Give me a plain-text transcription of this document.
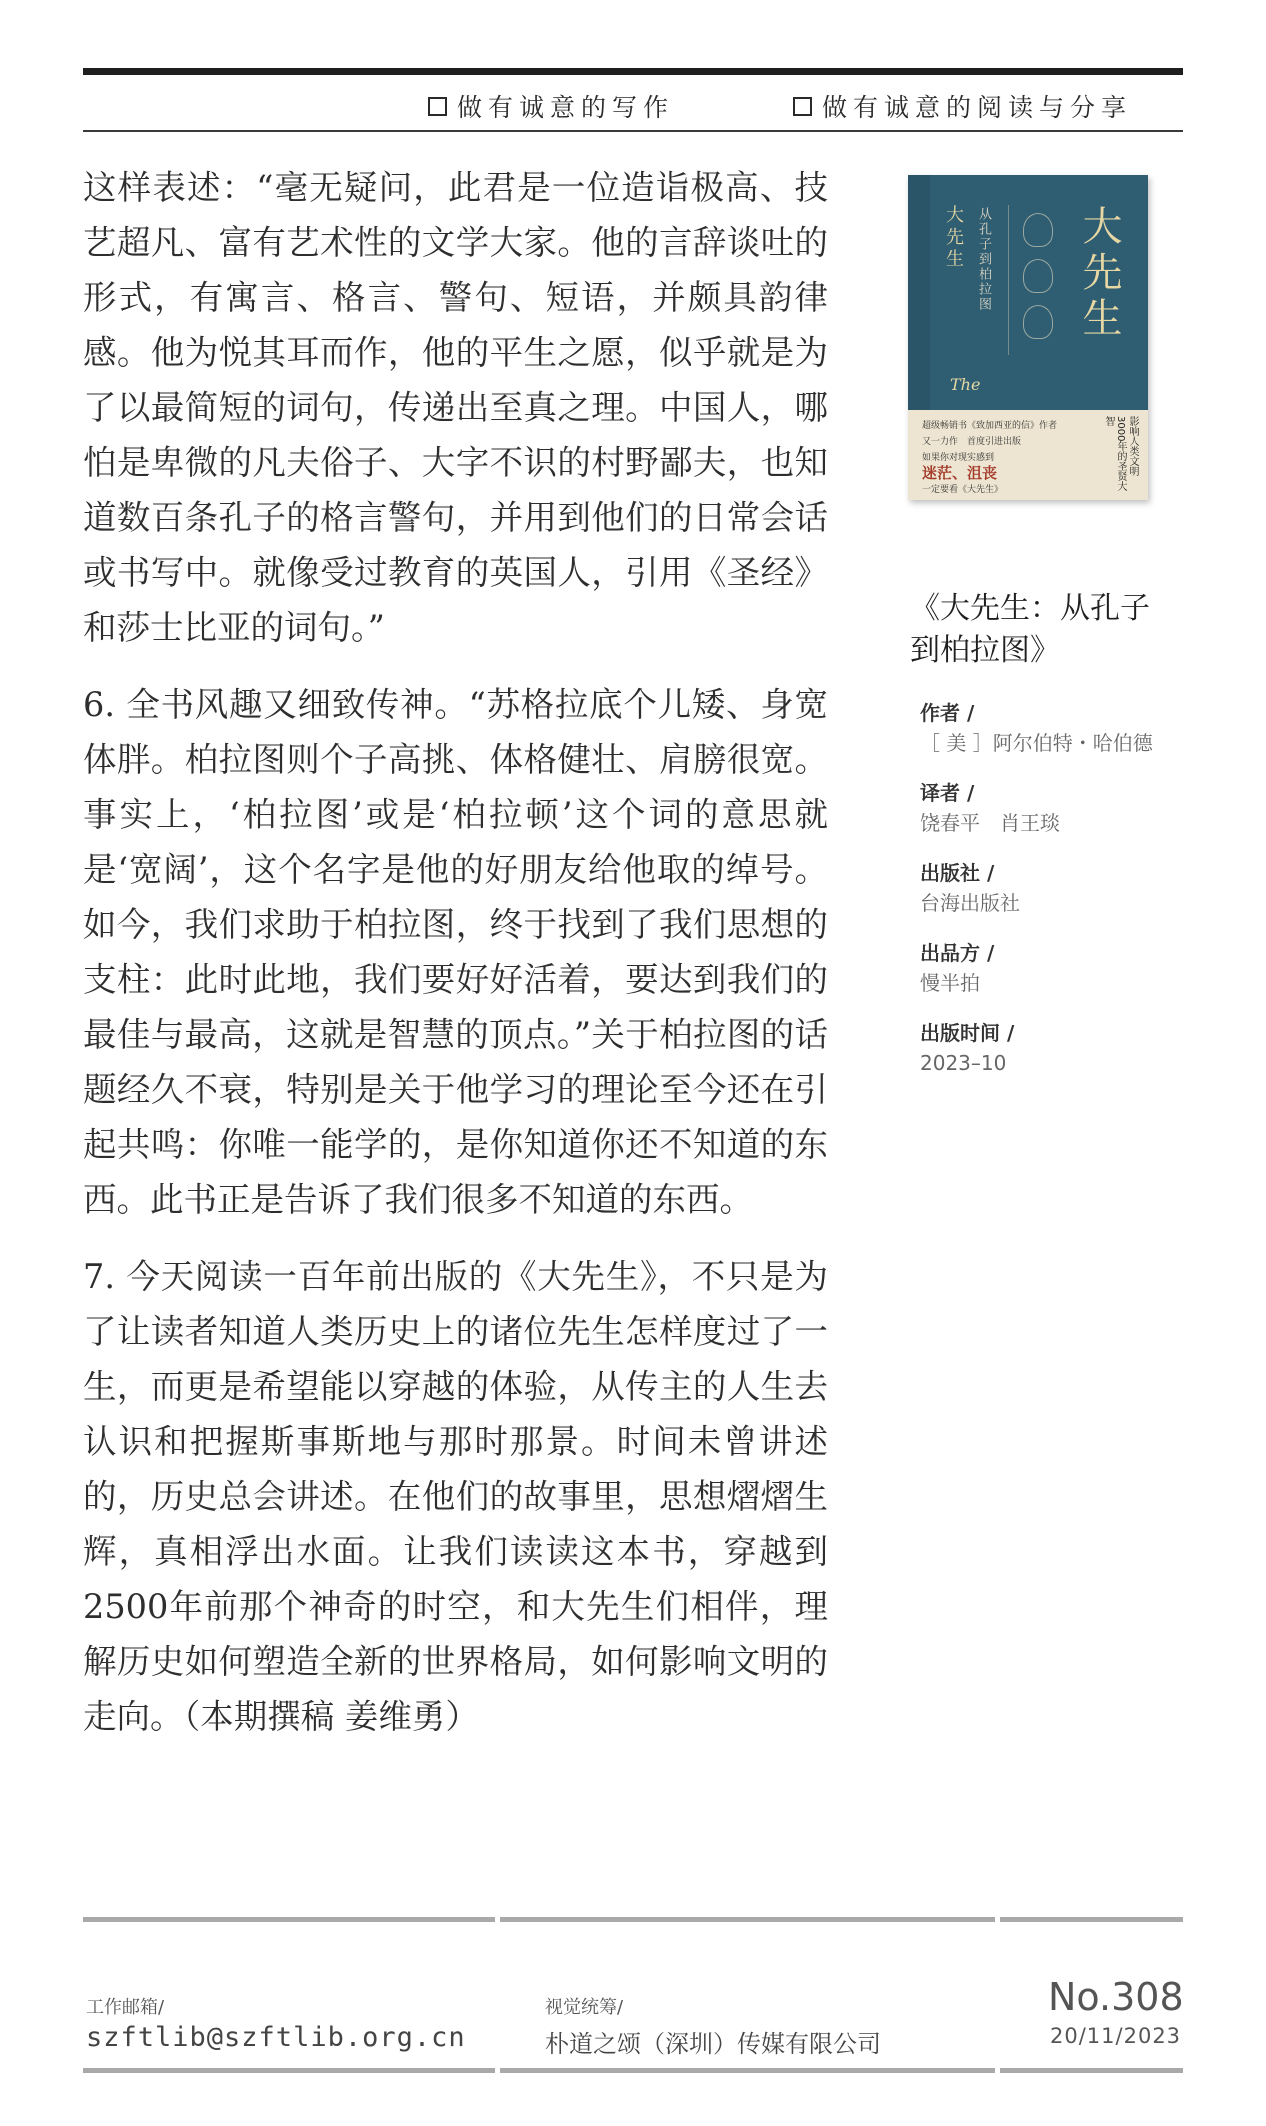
做有诚意的写作	做有诚意的阅读与分享

这样表述：“毫无疑问，此君是一位造诣极高、技艺超凡、富有艺术性的文学大家。他的言辞谈吐的形式，有寓言、格言、警句、短语，并颇具韵律感。他为悦其耳而作，他的平生之愿，似乎就是为了以最简短的词句，传递出至真之理。中国人，哪怕是卑微的凡夫俗子、大字不识的村野鄙夫，也知道数百条孔子的格言警句，并用到他们的日常会话或书写中。就像受过教育的英国人，引用《圣经》和莎士比亚的词句。”

6. 全书风趣又细致传神。“苏格拉底个儿矮、身宽体胖。柏拉图则个子高挑、体格健壮、肩膀很宽。事实上，‘柏拉图’或是‘柏拉顿’这个词的意思就是‘宽阔’，这个名字是他的好朋友给他取的绰号。如今，我们求助于柏拉图，终于找到了我们思想的支柱：此时此地，我们要好好活着，要达到我们的最佳与最高，这就是智慧的顶点。”关于柏拉图的话题经久不衰，特别是关于他学习的理论至今还在引起共鸣：你唯一能学的，是你知道你还不知道的东西。此书正是告诉了我们很多不知道的东西。

7. 今天阅读一百年前出版的《大先生》，不只是为了让读者知道人类历史上的诸位先生怎样度过了一生，而更是希望能以穿越的体验，从传主的人生去认识和把握斯事斯地与那时那景。时间未曾讲述的，历史总会讲述。在他们的故事里，思想熠熠生辉，真相浮出水面。让我们读读这本书，穿越到2500年前那个神奇的时空，和大先生们相伴，理解历史如何塑造全新的世界格局，如何影响文明的走向。（本期撰稿 姜维勇）

大先生 从孔子到柏拉图 大先生
The
超级畅销书《致加西亚的信》作者
又一力作　首度引进出版
如果你对现实感到
迷茫、沮丧
一定要看《大先生》
影响人类文明3000年的圣贤大智
《大先生：从孔子到柏拉图》
作者 /
［ 美 ］阿尔伯特・哈伯德
译者 /
饶春平　肖王琰
出版社 /
台海出版社
出品方 /
慢半拍
出版时间 /
2023–10
工作邮箱/
szftlib@szftlib.org.cn
视觉统筹/
朴道之颂（深圳）传媒有限公司
No.308
20/11/2023
